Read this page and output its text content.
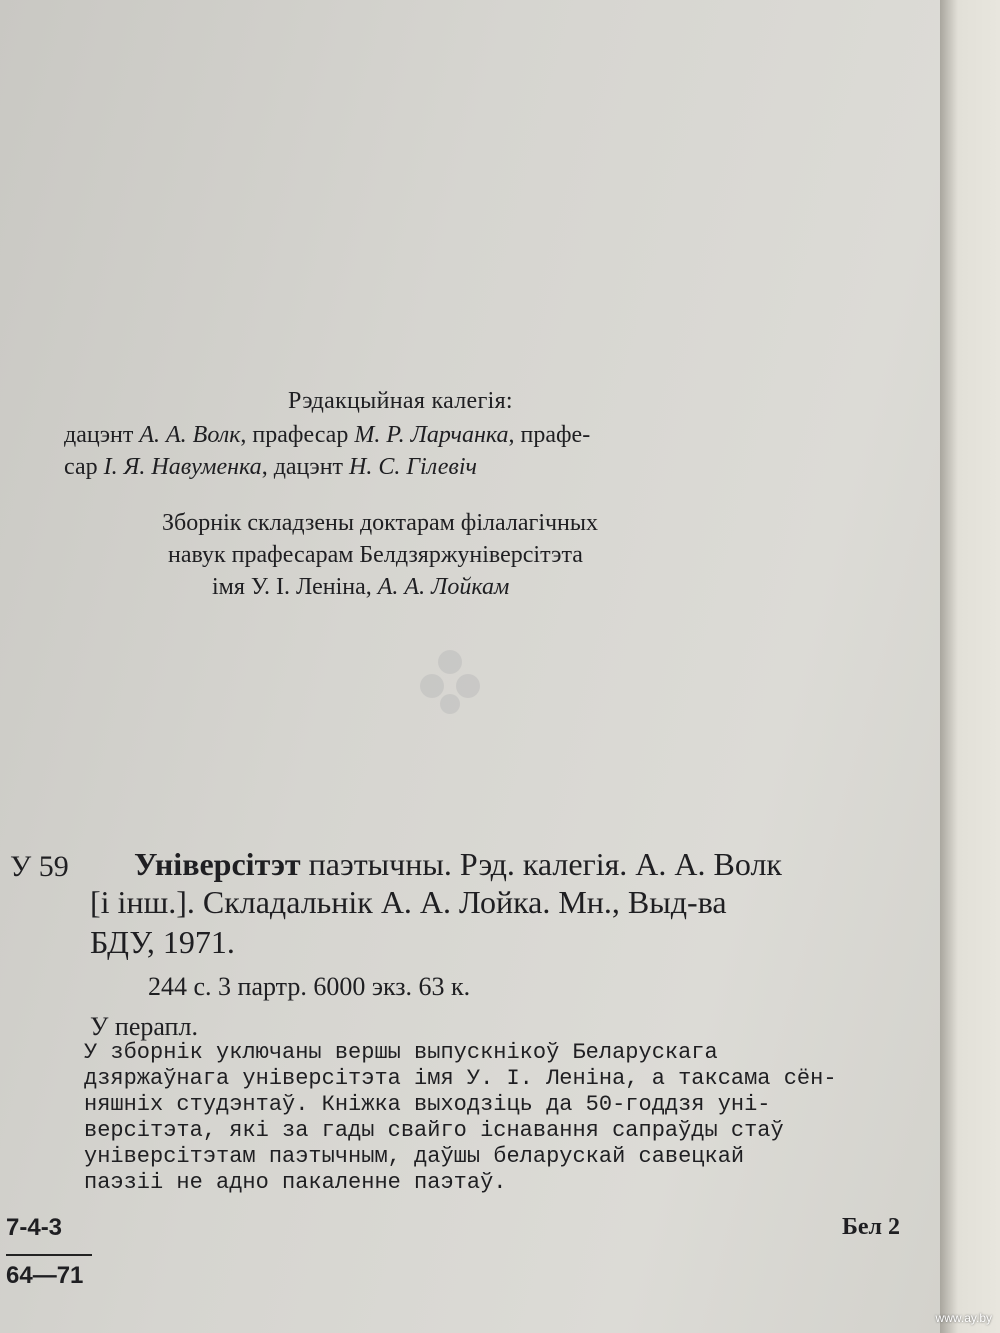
Рэдакцыйная калегія:
дацэнт А. А. Волк, прафесар М. Р. Ларчанка, прафе-
сар І. Я. Навуменка, дацэнт Н. С. Гілевіч
Зборнік складзены доктарам філалагічных
навук прафесарам Белдзяржуніверсітэта
імя У. І. Леніна, А. А. Лойкам
У 59 Універсітэт паэтычны. Рэд. калегія. А. А. Волк
[і інш.]. Складальнік А. А. Лойка. Мн., Выд-ва
БДУ, 1971.
244 с. 3 партр. 6000 экз. 63 к.
У перапл.
У зборнік уключаны вершы выпускнікоў Беларускага
дзяржаўнага універсітэта імя У. І. Леніна, а таксама сён-
няшніх студэнтаў. Кніжка выходзіць да 50-годдзя уні-
версітэта, які за гады свайго існавання сапраўды стаў
універсітэтам паэтычным, даўшы беларускай савецкай
паэзіі не адно пакаленне паэтаў.
7-4-3
64—71
Бел 2
www.ay.by
